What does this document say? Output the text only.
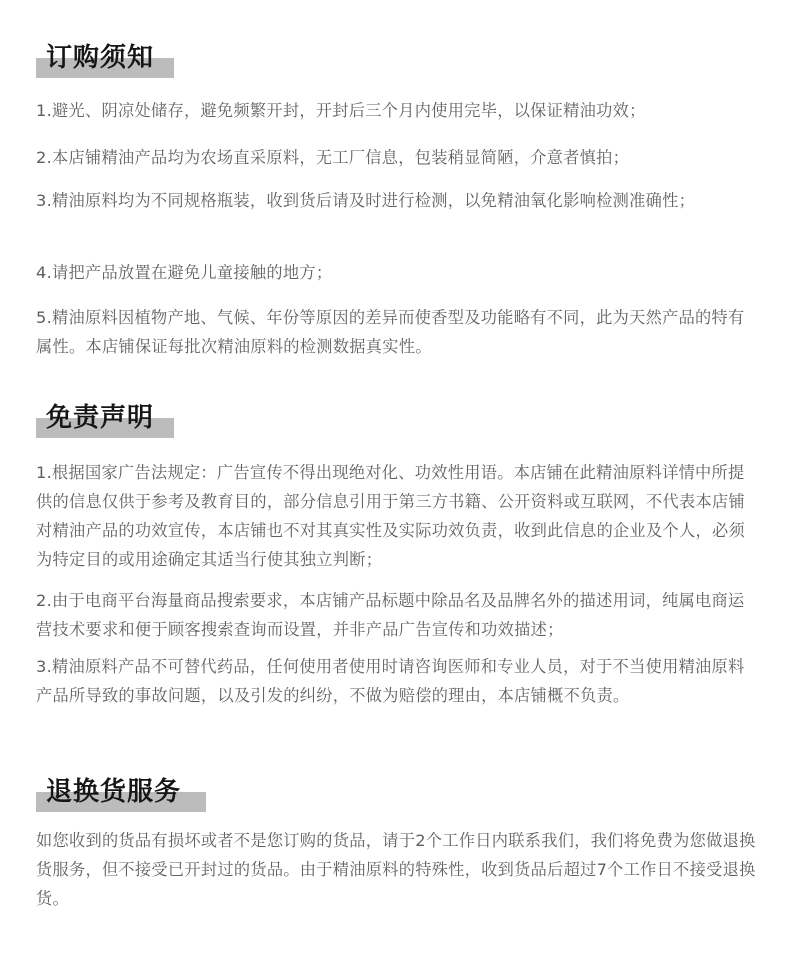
订购须知

1.避光、阴凉处储存，避免频繁开封，开封后三个月内使用完毕，以保证精油功效；

2.本店铺精油产品均为农场直采原料，无工厂信息，包装稍显简陋，介意者慎拍；

3.精油原料均为不同规格瓶装，收到货后请及时进行检测，以免精油氧化影响检测准确性；

4.请把产品放置在避免儿童接触的地方；

5.精油原料因植物产地、气候、年份等原因的差异而使香型及功能略有不同，此为天然产品的特有属性。本店铺保证每批次精油原料的检测数据真实性。

免责声明

1.根据国家广告法规定：广告宣传不得出现绝对化、功效性用语。本店铺在此精油原料详情中所提供的信息仅供于参考及教育目的，部分信息引用于第三方书籍、公开资料或互联网，不代表本店铺对精油产品的功效宣传，本店铺也不对其真实性及实际功效负责，收到此信息的企业及个人，必须为特定目的或用途确定其适当行使其独立判断；

2.由于电商平台海量商品搜索要求，本店铺产品标题中除品名及品牌名外的描述用词，纯属电商运营技术要求和便于顾客搜索查询而设置，并非产品广告宣传和功效描述；

3.精油原料产品不可替代药品，任何使用者使用时请咨询医师和专业人员，对于不当使用精油原料产品所导致的事故问题，以及引发的纠纷，不做为赔偿的理由，本店铺概不负责。

退换货服务

如您收到的货品有损坏或者不是您订购的货品，请于2个工作日内联系我们，我们将免费为您做退换货服务，但不接受已开封过的货品。由于精油原料的特殊性，收到货品后超过7个工作日不接受退换货。
